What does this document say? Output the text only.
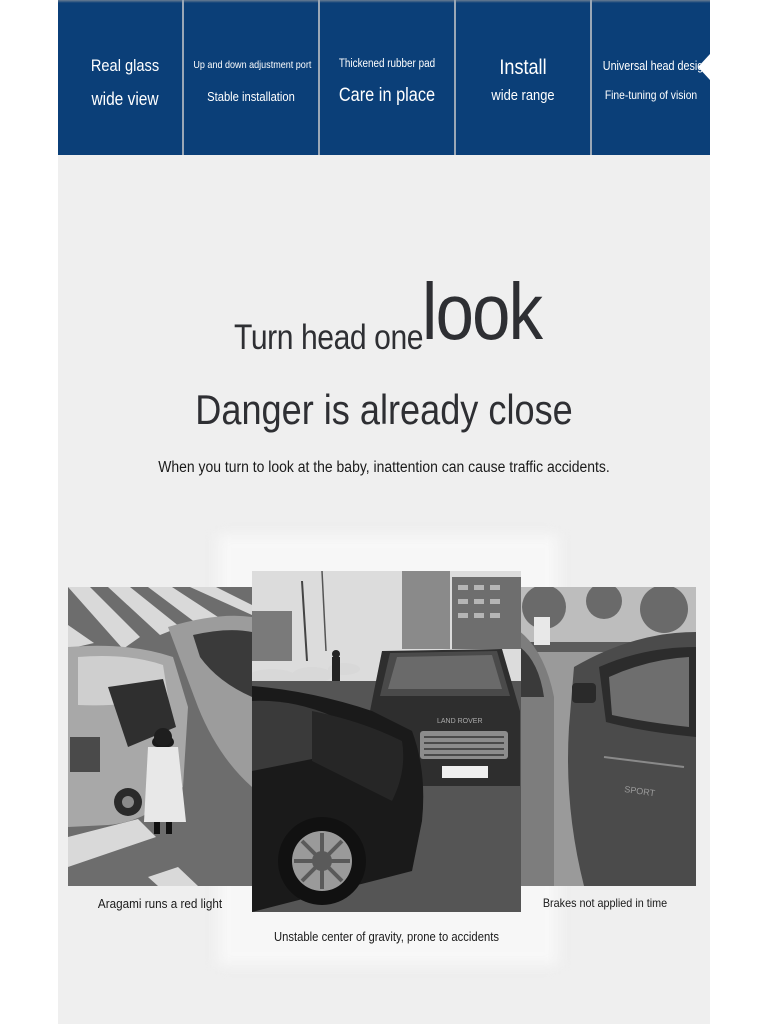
Real glass
wide view
Up and down adjustment port
Stable installation
Thickened rubber pad
Care in place
Install
wide range
Universal head design
Fine-tuning of vision
Turn head one
look
Danger is already close
When you turn to look at the baby, inattention can cause traffic accidents.
SPORT
LAND ROVER
Aragami runs a red light	Brakes not applied in time
Unstable center of gravity, prone to accidents
